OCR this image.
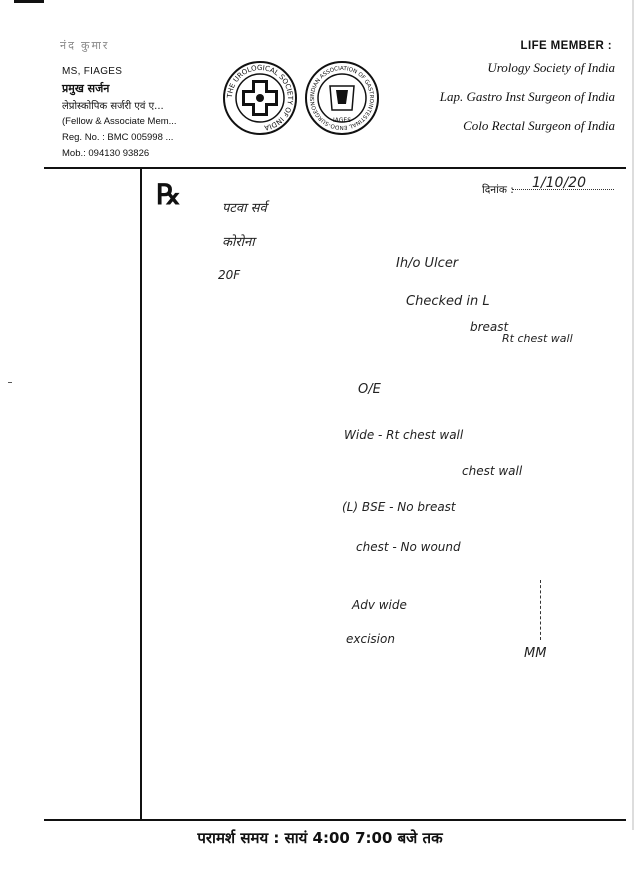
नंद कुमार
MS, FIAGES
प्रमुख सर्जन
लेप्रोस्कोपिक सर्जरी एवं ए...
(Fellow & Associate Mem...
Reg. No. : BMC 005998 ...
Mob.: 094130 93826
THE UROLOGICAL SOCIETY OF INDIA
INDIAN ASSOCIATION OF GASTROINTESTINAL ENDO-SURGEONS
IAGES
LIFE MEMBER :
Urology Society of India
Lap. Gastro Inst Surgeon of India
Colo Rectal Surgeon of India
℞	दिनांक : 1/10/20
पटवा सर्व
कोरोना
20F
Ih/o Ulcer
Checked in L
breast
Rt chest wall
O/E
Wide - Rt chest wall
chest wall
(L) BSE - No breast
chest - No wound
Adv wide
excision
MM
परामर्श समय : सायं 4:00 7:00 बजे तक
